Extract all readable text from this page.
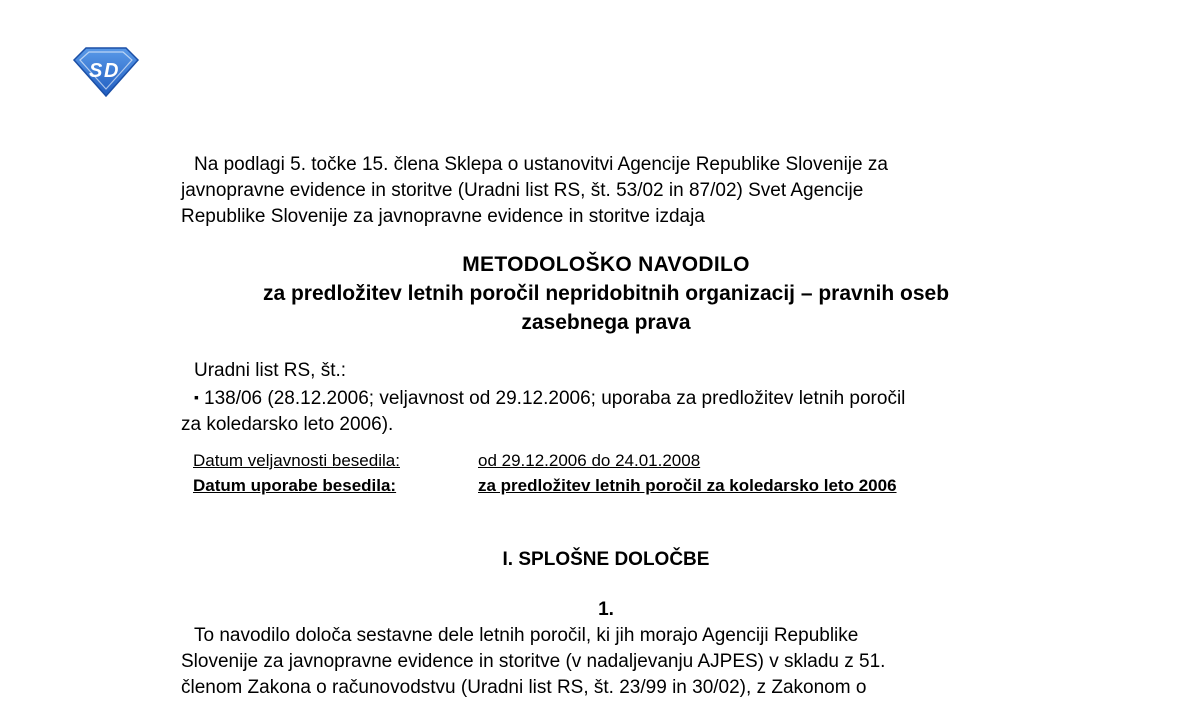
S D

Na podlagi 5. točke 15. člena Sklepa o ustanovitvi Agencije Republike Slovenije za

javnopravne evidence in storitve (Uradni list RS, št. 53/02 in 87/02) Svet Agencije

Republike Slovenije za javnopravne evidence in storitve izdaja

METODOLOŠKO NAVODILO

za predložitev letnih poročil nepridobitnih organizacij – pravnih oseb

zasebnega prava

Uradni list RS, št.:

▪ 138/06 (28.12.2006; veljavnost od 29.12.2006; uporaba za predložitev letnih poročil

za koledarsko leto 2006).

Datum veljavnosti besedila:	od 29.12.2006 do 24.01.2008
Datum uporabe besedila:	za predložitev letnih poročil za koledarsko leto 2006

I. SPLOŠNE DOLOČBE

1.

To navodilo določa sestavne dele letnih poročil, ki jih morajo Agenciji Republike

Slovenije za javnopravne evidence in storitve (v nadaljevanju AJPES) v skladu z 51.

členom Zakona o računovodstvu (Uradni list RS, št. 23/99 in 30/02), z Zakonom o
